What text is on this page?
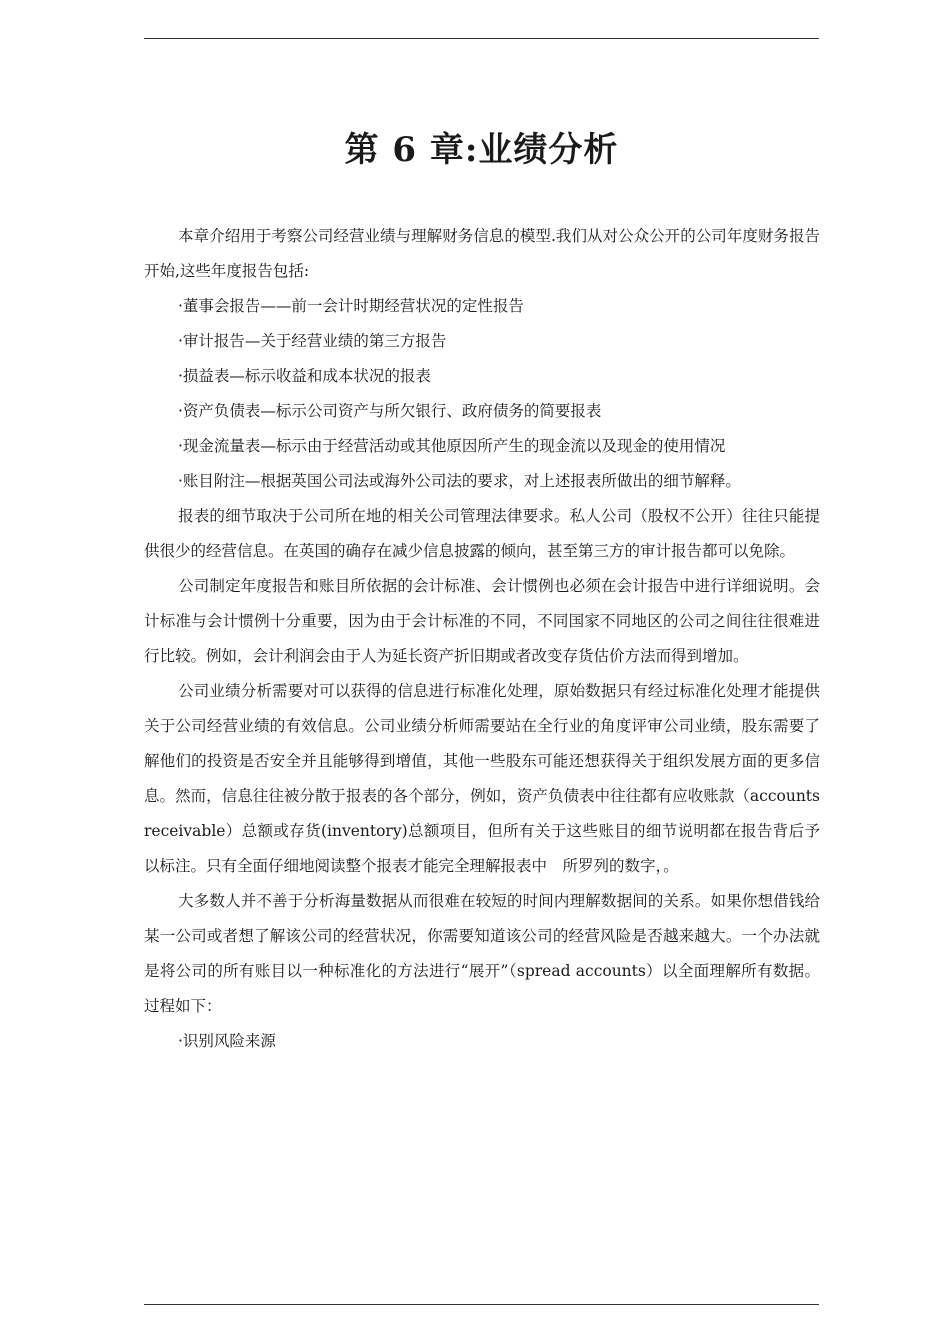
第 6 章:业绩分析

本章介绍用于考察公司经营业绩与理解财务信息的模型.我们从对公众公开的公司年度财务报告开始,这些年度报告包括:

·董事会报告——前一会计时期经营状况的定性报告

·审计报告—关于经营业绩的第三方报告

·损益表—标示收益和成本状况的报表

·资产负债表—标示公司资产与所欠银行、政府债务的简要报表

·现金流量表—标示由于经营活动或其他原因所产生的现金流以及现金的使用情况

·账目附注—根据英国公司法或海外公司法的要求，对上述报表所做出的细节解释。

报表的细节取决于公司所在地的相关公司管理法律要求。私人公司（股权不公开）往往只能提供很少的经营信息。在英国的确存在减少信息披露的倾向，甚至第三方的审计报告都可以免除。

公司制定年度报告和账目所依据的会计标准、会计惯例也必须在会计报告中进行详细说明。会计标准与会计惯例十分重要，因为由于会计标准的不同，不同国家不同地区的公司之间往往很难进行比较。例如，会计利润会由于人为延长资产折旧期或者改变存货估价方法而得到增加。

公司业绩分析需要对可以获得的信息进行标准化处理，原始数据只有经过标准化处理才能提供关于公司经营业绩的有效信息。公司业绩分析师需要站在全行业的角度评审公司业绩，股东需要了解他们的投资是否安全并且能够得到增值，其他一些股东可能还想获得关于组织发展方面的更多信息。然而，信息往往被分散于报表的各个部分，例如，资产负债表中往往都有应收账款（accounts receivable）总额或存货(inventory)总额项目，但所有关于这些账目的细节说明都在报告背后予以标注。只有全面仔细地阅读整个报表才能完全理解报表中　所罗列的数字，。

大多数人并不善于分析海量数据从而很难在较短的时间内理解数据间的关系。如果你想借钱给某一公司或者想了解该公司的经营状况，你需要知道该公司的经营风险是否越来越大。一个办法就是将公司的所有账目以一种标准化的方法进行“展开”（spread accounts）以全面理解所有数据。过程如下：

·识别风险来源
